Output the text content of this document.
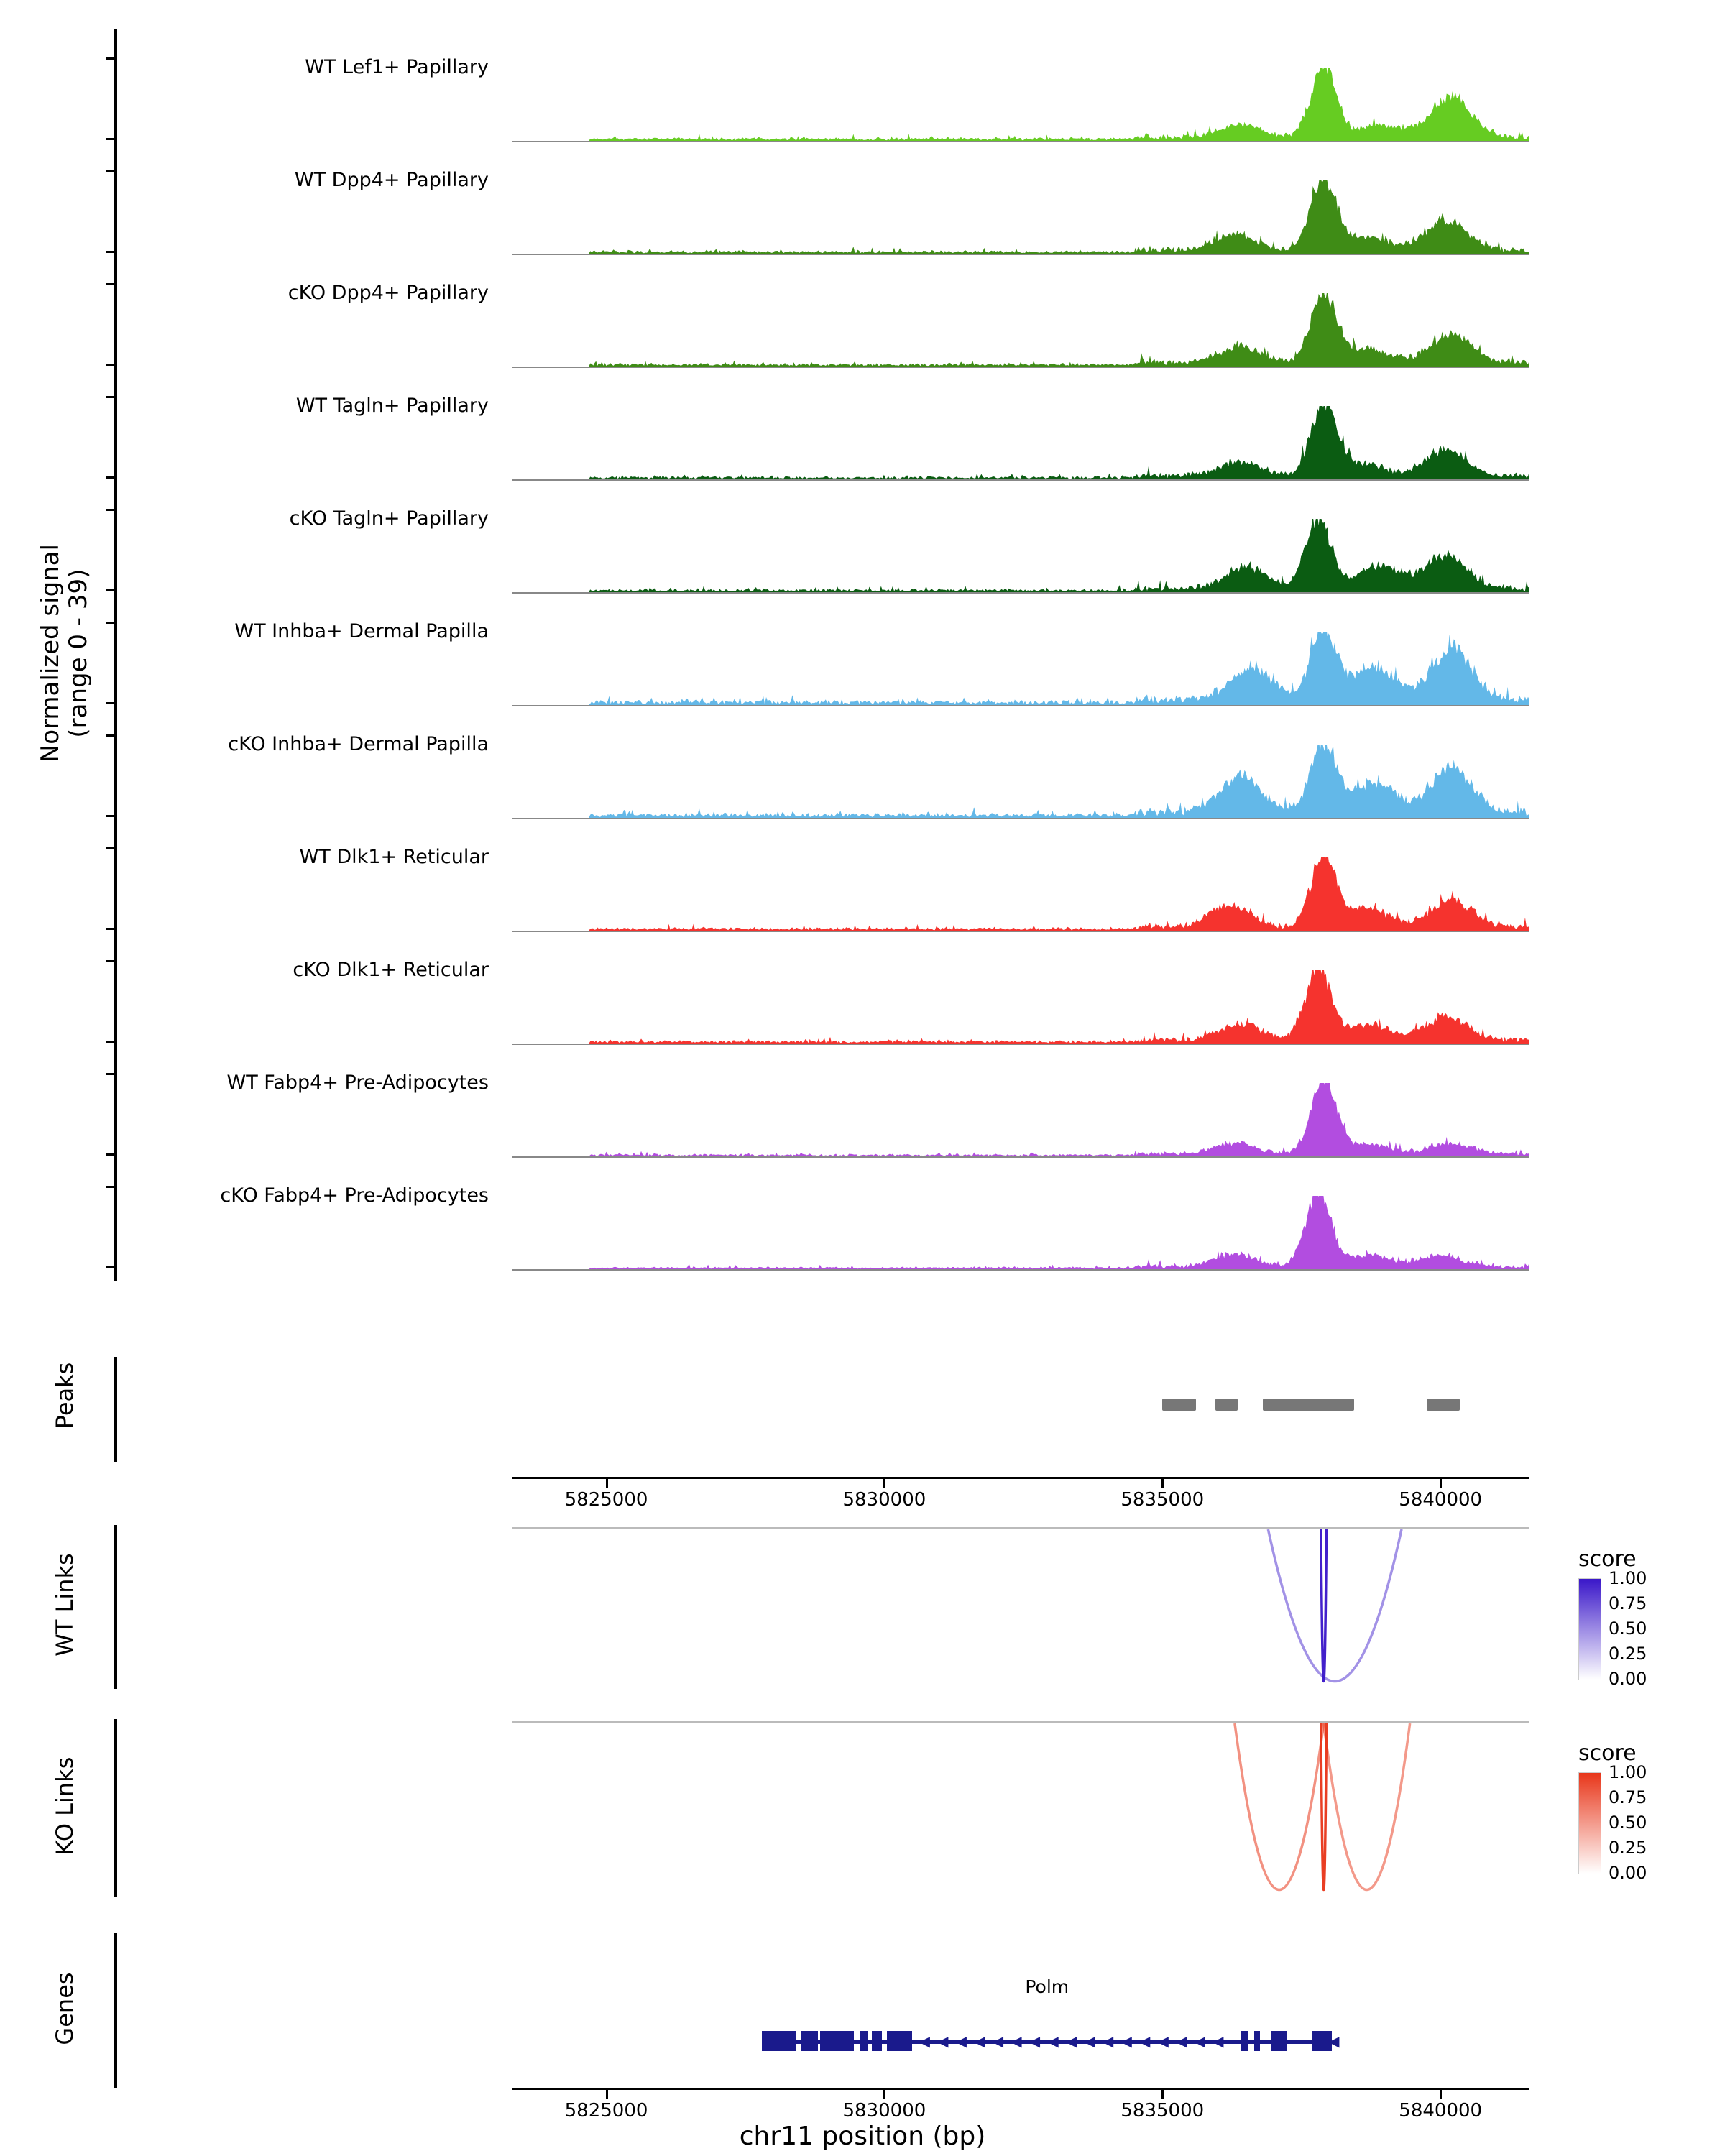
Normalized signal
(range 0 - 39)
WT Lef1+ Papillary
WT Dpp4+ Papillary
cKO Dpp4+ Papillary
WT Tagln+ Papillary
cKO Tagln+ Papillary
WT Inhba+ Dermal Papilla
cKO Inhba+ Dermal Papilla
WT Dlk1+ Reticular
cKO Dlk1+ Reticular
WT Fabp4+ Pre-Adipocytes
cKO Fabp4+ Pre-Adipocytes
Peaks
5825000	5830000	5835000	5840000
WT Links
KO Links
score
1.00
0.75
0.50
0.25
0.00
score
1.00
0.75
0.50
0.25
0.00
Genes	Polm
◀ ◀ ◀ ◀ ◀ ◀ ◀ ◀ ◀ ◀ ◀ ◀ ◀ ◀ ◀ ◀ ◀	◀
5825000	5830000	5835000	5840000
chr11 position (bp)
